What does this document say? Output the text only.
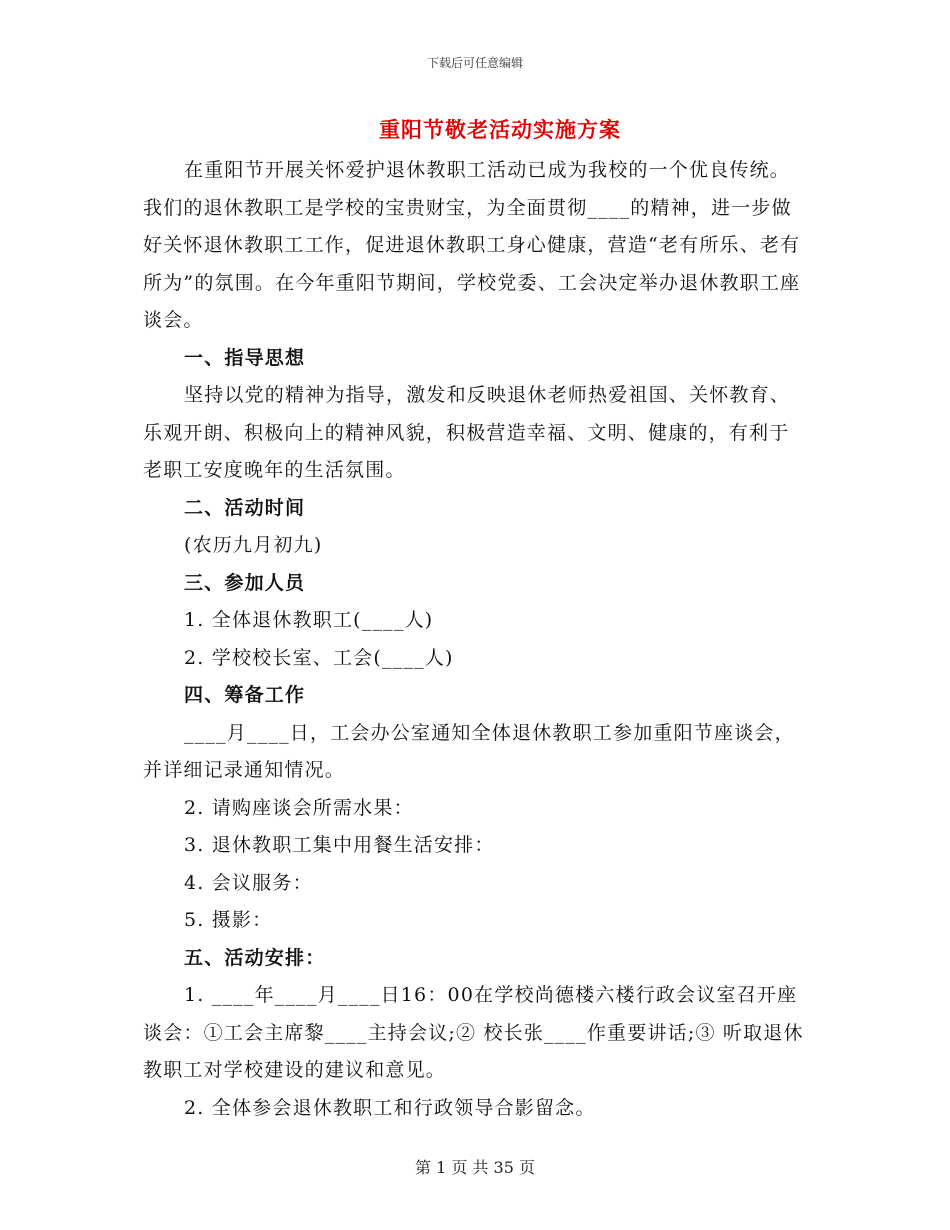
下载后可任意编辑
重阳节敬老活动实施方案

在重阳节开展关怀爱护退休教职工活动已成为我校的一个优良传统。我们的退休教职工是学校的宝贵财宝，为全面贯彻____的精神，进一步做好关怀退休教职工工作，促进退休教职工身心健康，营造“老有所乐、老有所为”的氛围。在今年重阳节期间，学校党委、工会决定举办退休教职工座谈会。

一、指导思想

坚持以党的精神为指导，激发和反映退休老师热爱祖国、关怀教育、乐观开朗、积极向上的精神风貌，积极营造幸福、文明、健康的，有利于老职工安度晚年的生活氛围。

二、活动时间

(农历九月初九)

三、参加人员

1. 全体退休教职工(____人)

2. 学校校长室、工会(____人)

四、筹备工作

____月____日，工会办公室通知全体退休教职工参加重阳节座谈会，并详细记录通知情况。

2. 请购座谈会所需水果：

3. 退休教职工集中用餐生活安排：

4. 会议服务：

5. 摄影：

五、活动安排：

1. ____年____月____日16：00在学校尚德楼六楼行政会议室召开座谈会：①工会主席黎____主持会议;② 校长张____作重要讲话;③ 听取退休教职工对学校建设的建议和意见。

2. 全体参会退休教职工和行政领导合影留念。

第 1 页 共 35 页
